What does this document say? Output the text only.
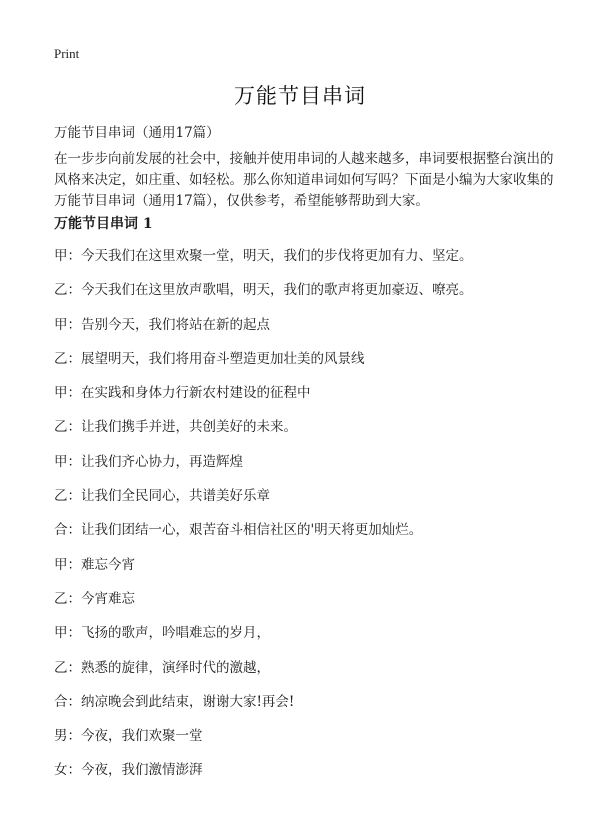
Print
万能节目串词
万能节目串词（通用17篇）

在一步步向前发展的社会中，接触并使用串词的人越来越多，串词要根据整台演出的风格来决定，如庄重、如轻松。那么你知道串词如何写吗？下面是小编为大家收集的万能节目串词（通用17篇），仅供参考，希望能够帮助到大家。

万能节目串词 1
甲：今天我们在这里欢聚一堂，明天，我们的步伐将更加有力、坚定。
乙：今天我们在这里放声歌唱，明天，我们的歌声将更加豪迈、嘹亮。
甲：告别今天，我们将站在新的起点
乙：展望明天，我们将用奋斗塑造更加壮美的风景线
甲：在实践和身体力行新农村建设的征程中
乙：让我们携手并进，共创美好的未来。
甲：让我们齐心协力，再造辉煌
乙：让我们全民同心，共谱美好乐章
合：让我们团结一心，艰苦奋斗相信社区的'明天将更加灿烂。
甲：难忘今宵
乙：今宵难忘
甲：飞扬的歌声，吟唱难忘的岁月，
乙：熟悉的旋律，演绎时代的激越，
合：纳凉晚会到此结束，谢谢大家!再会!
男：今夜，我们欢聚一堂
女：今夜，我们激情澎湃
